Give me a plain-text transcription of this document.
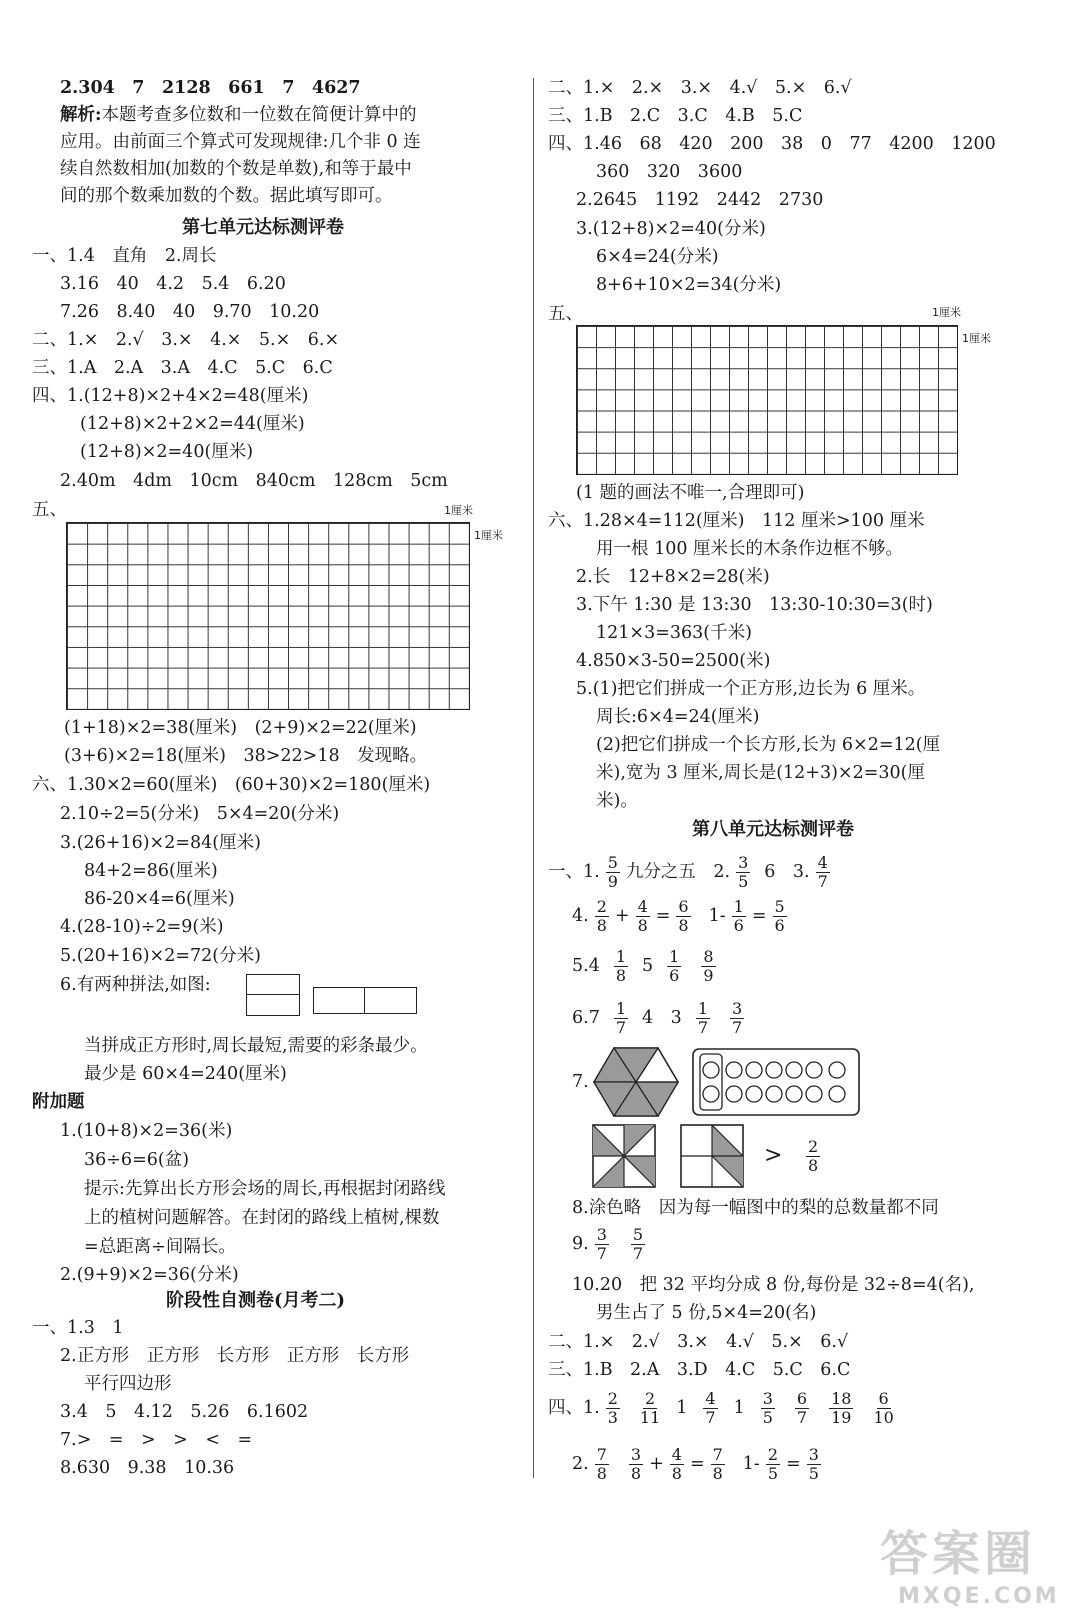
2.304　7　2128　661　7　4627
解析:本题考查多位数和一位数在简便计算中的
应用。由前面三个算式可发现规律:几个非 0 连
续自然数相加(加数的个数是单数),和等于最中
间的那个数乘加数的个数。据此填写即可。
第七单元达标测评卷
一、1.4　直角　2.周长
3.16　40　4.2　5.4　6.20
7.26　8.40　40　9.70　10.20
二、1.×　2.√　3.×　4.×　5.×　6.×
三、1.A　2.A　3.A　4.C　5.C　6.C
四、1.(12+8)×2+4×2=48(厘米)
(12+8)×2+2×2=44(厘米)
(12+8)×2=40(厘米)
2.40m　4dm　10cm　840cm　128cm　5cm
五、	1厘米
1厘米
(1+18)×2=38(厘米)　(2+9)×2=22(厘米)
(3+6)×2=18(厘米)　38>22>18　发现略。
六、1.30×2=60(厘米)　(60+30)×2=180(厘米)
2.10÷2=5(分米)　5×4=20(分米)
3.(26+16)×2=84(厘米)
84+2=86(厘米)
86-20×4=6(厘米)
4.(28-10)÷2=9(米)
5.(20+16)×2=72(分米)
6.有两种拼法,如图:
当拼成正方形时,周长最短,需要的彩条最少。
最少是 60×4=240(厘米)
附加题
1.(10+8)×2=36(米)
36÷6=6(盆)
提示:先算出长方形会场的周长,再根据封闭路线
上的植树问题解答。在封闭的路线上植树,棵数
=总距离÷间隔长。
2.(9+9)×2=36(分米)
阶段性自测卷(月考二)
一、1.3　1
2.正方形　正方形　长方形　正方形　长方形
平行四边形
3.4　5　4.12　5.26　6.1602
7.>　=　>　>　<　=
8.630　9.38　10.36
二、1.×　2.×　3.×　4.√　5.×　6.√
三、1.B　2.C　3.C　4.B　5.C
四、1.46　68　420　200　38　0　77　4200　1200
360　320　3600
2.2645　1192　2442　2730
3.(12+8)×2=40(分米)
6×4=24(分米)
8+6+10×2=34(分米)
五、	1厘米
1厘米
(1 题的画法不唯一,合理即可)
六、1.28×4=112(厘米)　112 厘米>100 厘米
用一根 100 厘米长的木条作边框不够。
2.长　12+8×2=28(米)
3.下午 1:30 是 13:30　13:30-10:30=3(时)
121×3=363(千米)
4.850×3-50=2500(米)
5.(1)把它们拼成一个正方形,边长为 6 厘米。
周长:6×4=24(厘米)
(2)把它们拼成一个长方形,长为 6×2=12(厘
米),宽为 3 厘米,周长是(12+3)×2=30(厘
米)。
第八单元达标测评卷
一、1. $\frac{5}{9}$ 九分之五　2. $\frac{3}{5} 6$　3. $\frac{4}{7}$
4. $\frac{2}{8} + \frac{4}{8} = \frac{6}{8} 1- \frac{1}{6} = \frac{5}{6}$
$5.4 \frac{1}{8} 5 \frac{1}{6} \frac{8}{9}$
$6.7 \frac{1}{7} 4$　$3 \frac{1}{7} \frac{3}{7}$
7.
> $\frac{2}{8}$
8.涂色略　因为每一幅图中的梨的总数量都不同
9. $\frac{3}{7} \frac{5}{7}$
10.20　把 32 平均分成 8 份,每份是 32÷8=4(名),
男生占了 5 份,5×4=20(名)
二、1.×　2.√　3.×　4.√　5.×　6.√
三、1.B　2.A　3.D　4.C　5.C　6.C
四、1. $\frac{2}{3} \frac{2}{11} 1 \frac{4}{7} 1 \frac{3}{5} \frac{6}{7} \frac{18}{19} \frac{6}{10}$
2. $\frac{7}{8} \frac{3}{8} + \frac{4}{8} = \frac{7}{8} 1- \frac{2}{5} = \frac{3}{5}$
答案圈
MXQE.COM
